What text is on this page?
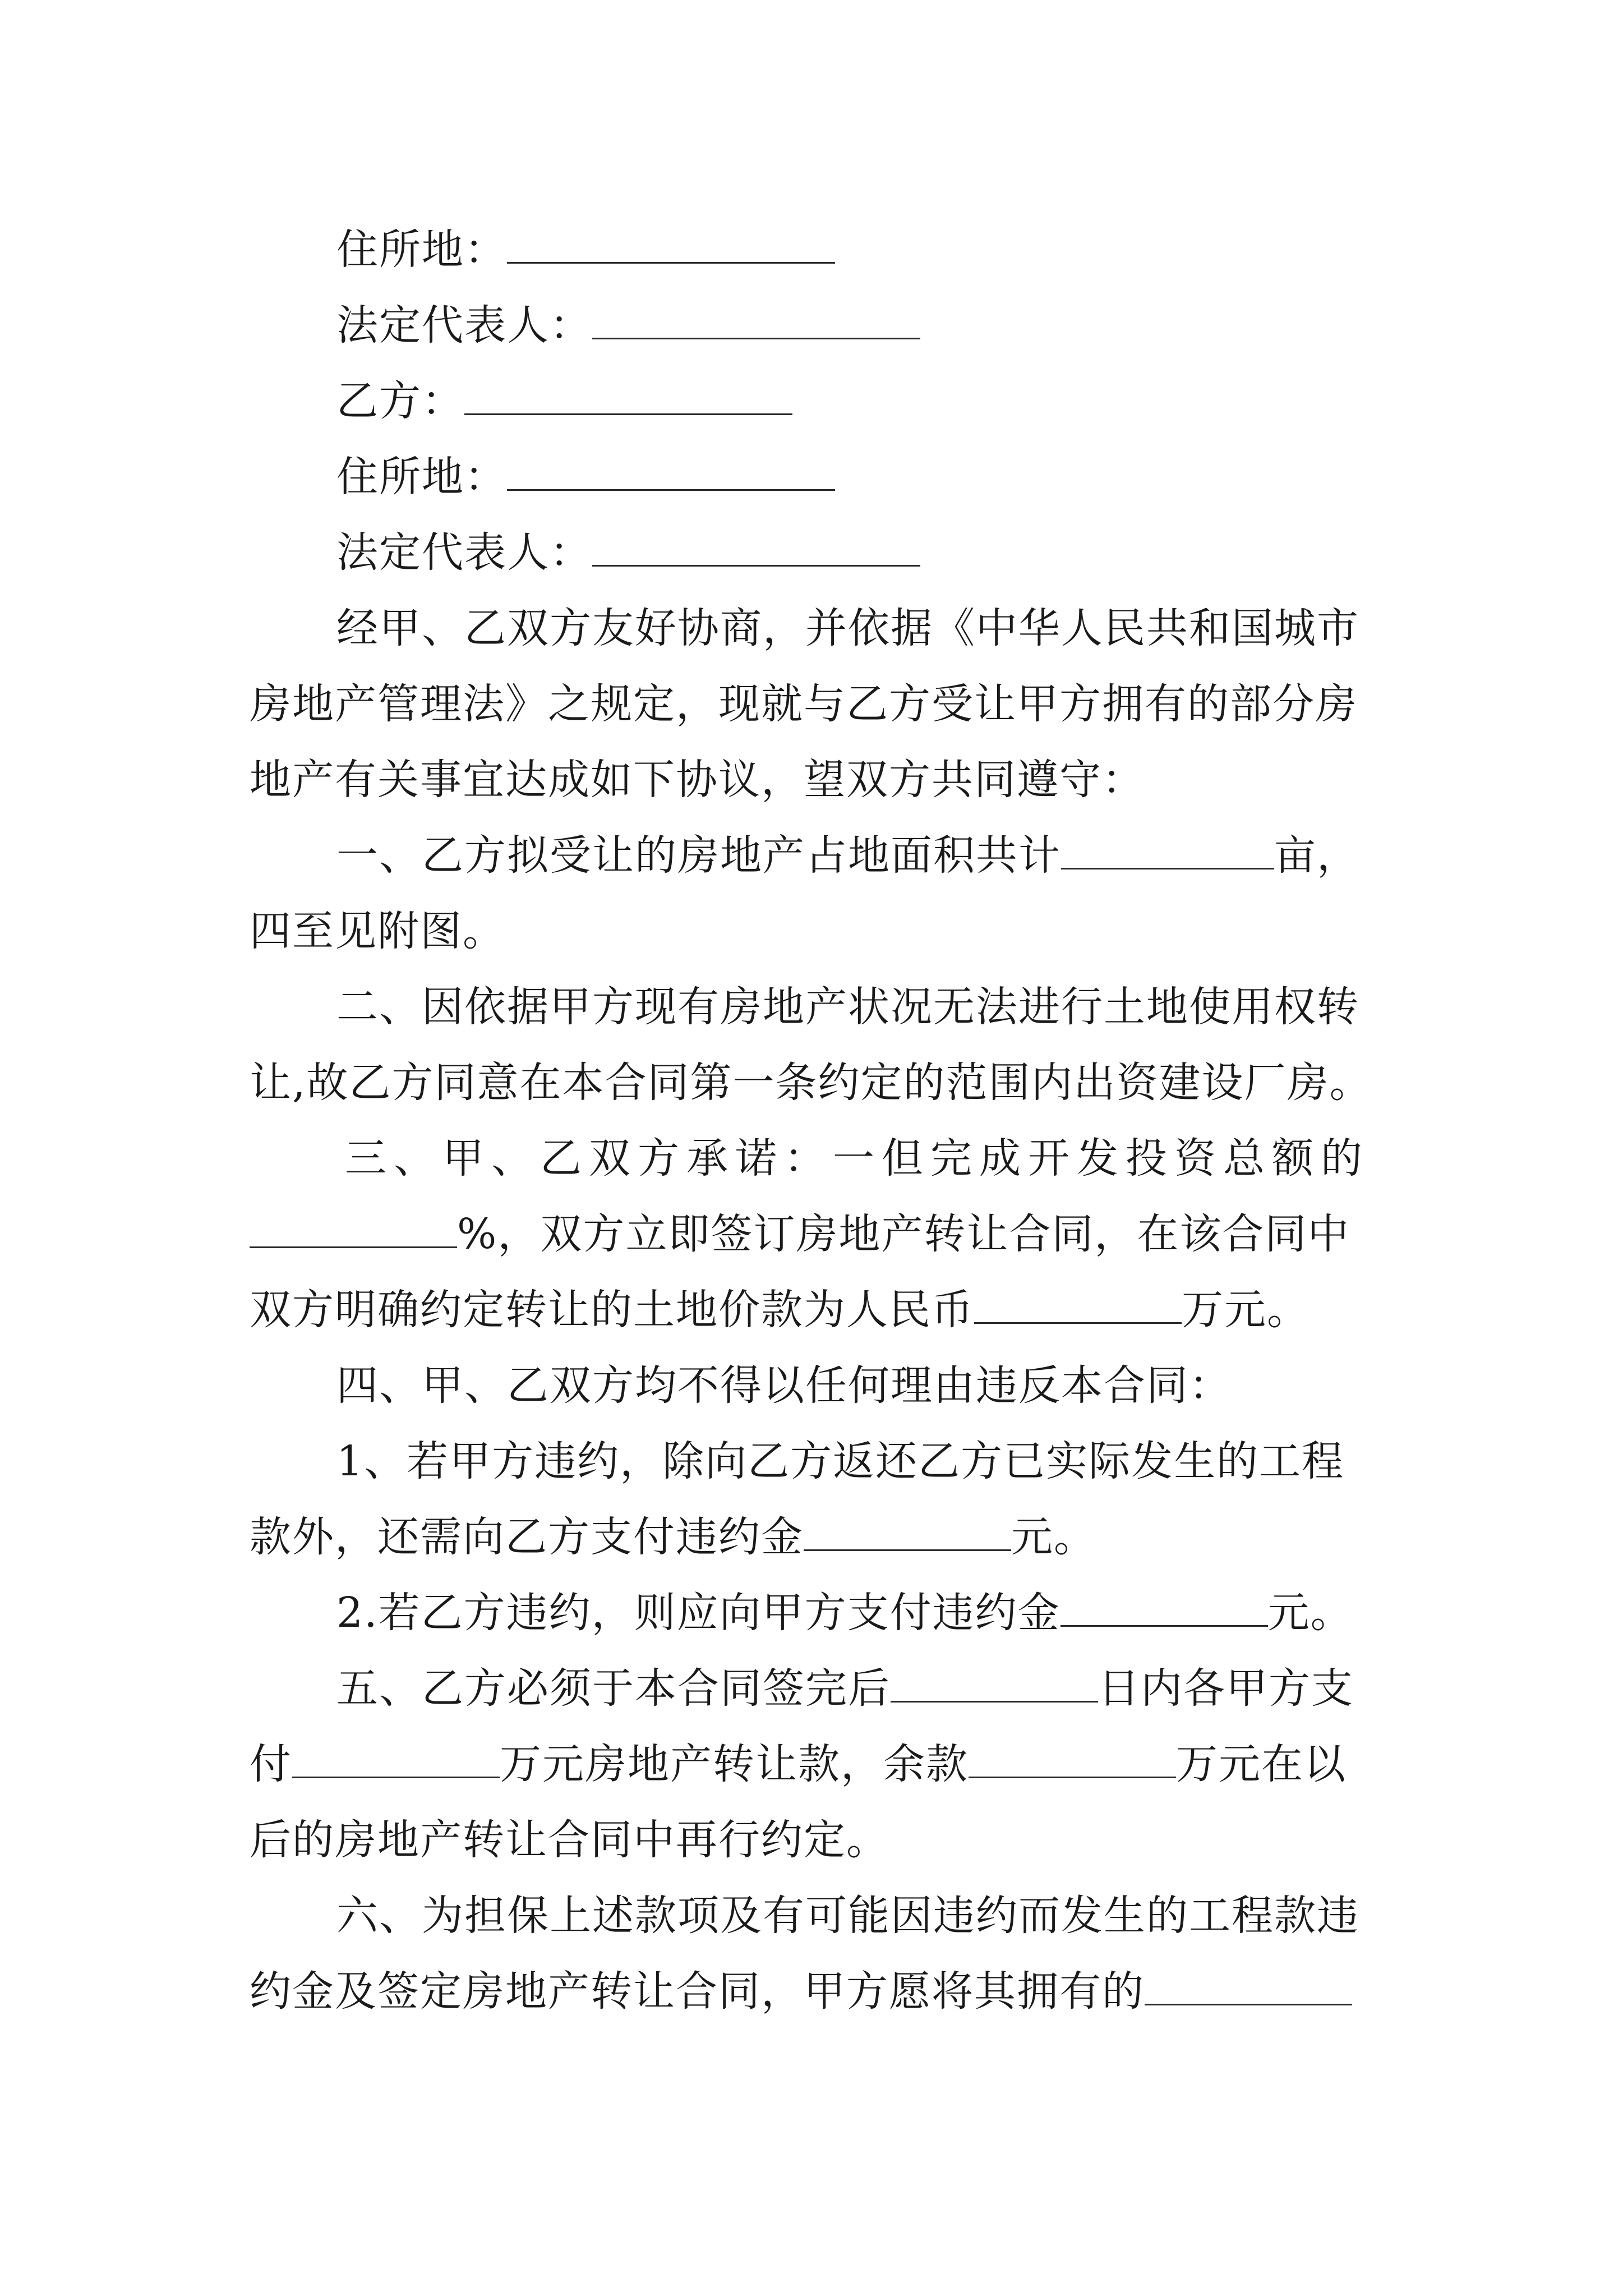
住所地：
法定代表人：
乙方：
住所地：
法定代表人：
经甲、乙双方友好协商，并依据《中华人民共和国城市
房地产管理法》之规定，现就与乙方受让甲方拥有的部分房
地产有关事宜达成如下协议，望双方共同遵守：
一、乙方拟受让的房地产占地面积共计	亩，
四至见附图。
二、因依据甲方现有房地产状况无法进行土地使用权转
让,故乙方同意在本合同第一条约定的范围内出资建设厂房。
三、甲、乙双方承诺：一但完成开发投资总额的
%，双方立即签订房地产转让合同，在该合同中
双方明确约定转让的土地价款为人民币	万元。
四、甲、乙双方均不得以任何理由违反本合同：
1、若甲方违约，除向乙方返还乙方已实际发生的工程
款外，还需向乙方支付违约金	元。
2.若乙方违约，则应向甲方支付违约金	元。
五、乙方必须于本合同签完后	日内各甲方支
付	万元房地产转让款，余款	万元在以
后的房地产转让合同中再行约定。
六、为担保上述款项及有可能因违约而发生的工程款违
约金及签定房地产转让合同，甲方愿将其拥有的
